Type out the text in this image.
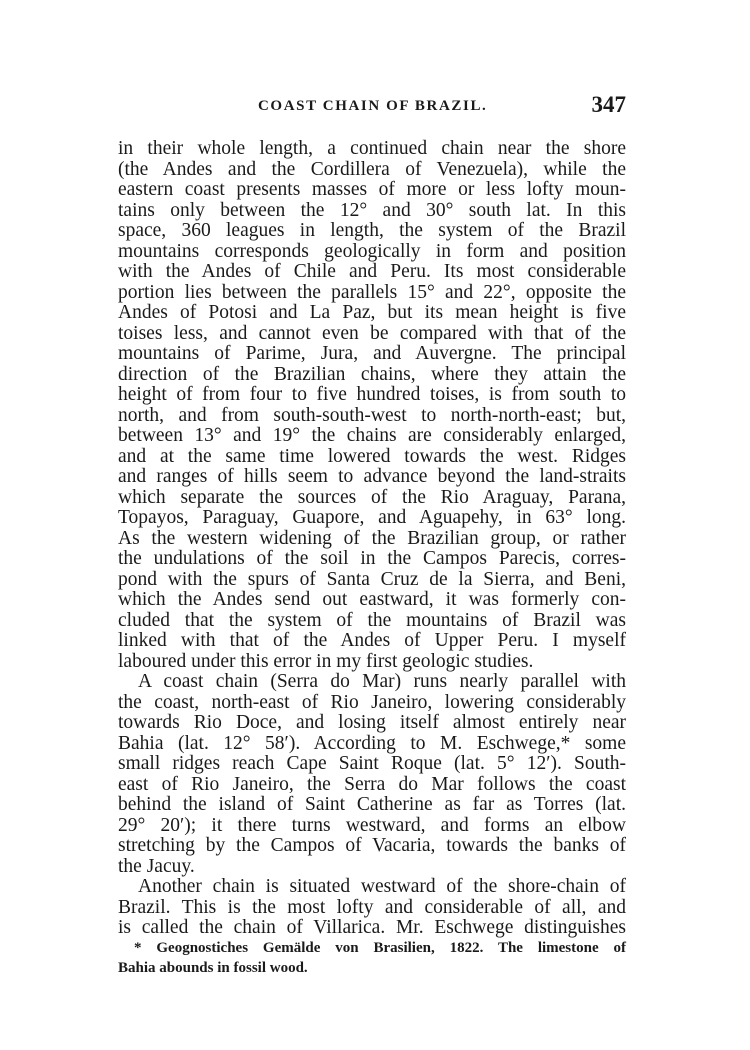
COAST CHAIN OF BRAZIL.	347
in their whole length, a continued chain near the shore
(the Andes and the Cordillera of Venezuela), while the
eastern coast presents masses of more or less lofty moun-
tains only between the 12° and 30° south lat. In this
space, 360 leagues in length, the system of the Brazil
mountains corresponds geologically in form and position
with the Andes of Chile and Peru. Its most considerable
portion lies between the parallels 15° and 22°, opposite the
Andes of Potosi and La Paz, but its mean height is five
toises less, and cannot even be compared with that of the
mountains of Parime, Jura, and Auvergne. The principal
direction of the Brazilian chains, where they attain the
height of from four to five hundred toises, is from south to
north, and from south-south-west to north-north-east; but,
between 13° and 19° the chains are considerably enlarged,
and at the same time lowered towards the west. Ridges
and ranges of hills seem to advance beyond the land-straits
which separate the sources of the Rio Araguay, Parana,
Topayos, Paraguay, Guapore, and Aguapehy, in 63° long.
As the western widening of the Brazilian group, or rather
the undulations of the soil in the Campos Parecis, corres-
pond with the spurs of Santa Cruz de la Sierra, and Beni,
which the Andes send out eastward, it was formerly con-
cluded that the system of the mountains of Brazil was
linked with that of the Andes of Upper Peru. I myself
laboured under this error in my first geologic studies.
A coast chain (Serra do Mar) runs nearly parallel with
the coast, north-east of Rio Janeiro, lowering considerably
towards Rio Doce, and losing itself almost entirely near
Bahia (lat. 12° 58′). According to M. Eschwege,* some
small ridges reach Cape Saint Roque (lat. 5° 12′). South-
east of Rio Janeiro, the Serra do Mar follows the coast
behind the island of Saint Catherine as far as Torres (lat.
29° 20′); it there turns westward, and forms an elbow
stretching by the Campos of Vacaria, towards the banks of
the Jacuy.
Another chain is situated westward of the shore-chain of
Brazil. This is the most lofty and considerable of all, and
is called the chain of Villarica. Mr. Eschwege distinguishes
* Geognostiches Gemälde von Brasilien, 1822. The limestone of
Bahia abounds in fossil wood.
